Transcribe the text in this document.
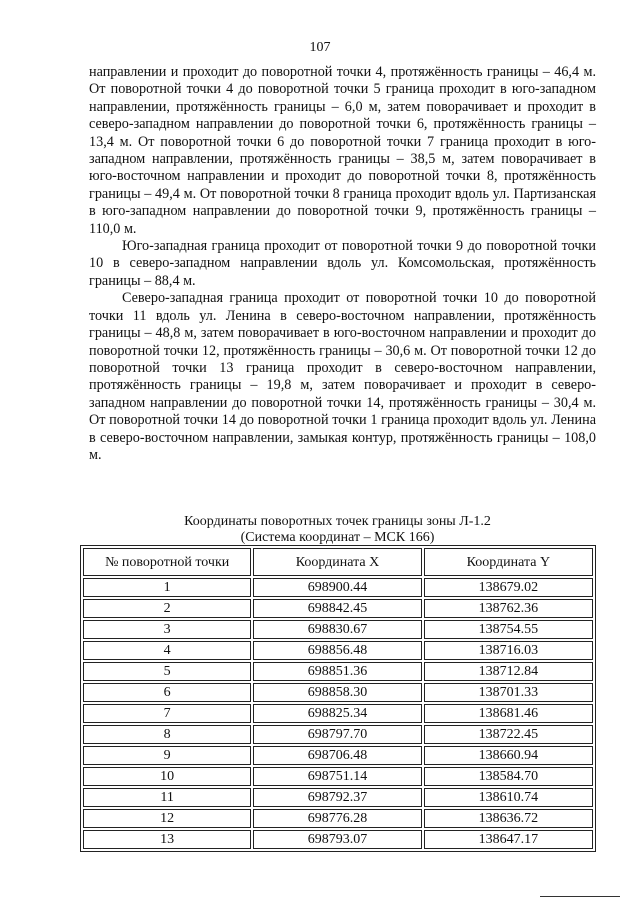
107

направлении и проходит до поворотной точки 4, протяжённость границы – 46,4 м. От поворотной точки 4 до поворотной точки 5 граница проходит в юго-западном направлении, протяжённость границы – 6,0 м, затем поворачивает и проходит в северо-западном направлении до поворотной точки 6, протяжённость границы – 13,4 м. От поворотной точки 6 до поворотной точки 7 граница проходит в юго-западном направлении, протяжённость границы – 38,5 м, затем поворачивает в юго-восточном направлении и проходит до поворотной точки 8, протяжённость границы – 49,4 м. От поворотной точки 8 граница проходит вдоль ул. Партизанская в юго-западном направлении до поворотной точки 9, протяжённость границы – 110,0 м.

Юго-западная граница проходит от поворотной точки 9 до поворотной точки 10 в северо-западном направлении вдоль ул. Комсомольская, протяжённость границы – 88,4 м.

Северо-западная граница проходит от поворотной точки 10 до поворотной точки 11 вдоль ул. Ленина в северо-восточном направлении, протяжённость границы – 48,8 м, затем поворачивает в юго-восточном направлении и проходит до поворотной точки 12, протяжённость границы – 30,6 м. От поворотной точки 12 до поворотной точки 13 граница проходит в северо-восточном направлении, протяжённость границы – 19,8 м, затем поворачивает и проходит в северо-западном направлении до поворотной точки 14, протяжённость границы – 30,4 м. От поворотной точки 14 до поворотной точки 1 граница проходит вдоль ул. Ленина в северо-восточном направлении, замыкая контур, протяжённость границы – 108,0 м.

Координаты поворотных точек границы зоны Л-1.2
(Система координат – МСК 166)
№ поворотной точки	Координата X	Координата Y
1	698900.44	138679.02
2	698842.45	138762.36
3	698830.67	138754.55
4	698856.48	138716.03
5	698851.36	138712.84
6	698858.30	138701.33
7	698825.34	138681.46
8	698797.70	138722.45
9	698706.48	138660.94
10	698751.14	138584.70
11	698792.37	138610.74
12	698776.28	138636.72
13	698793.07	138647.17
